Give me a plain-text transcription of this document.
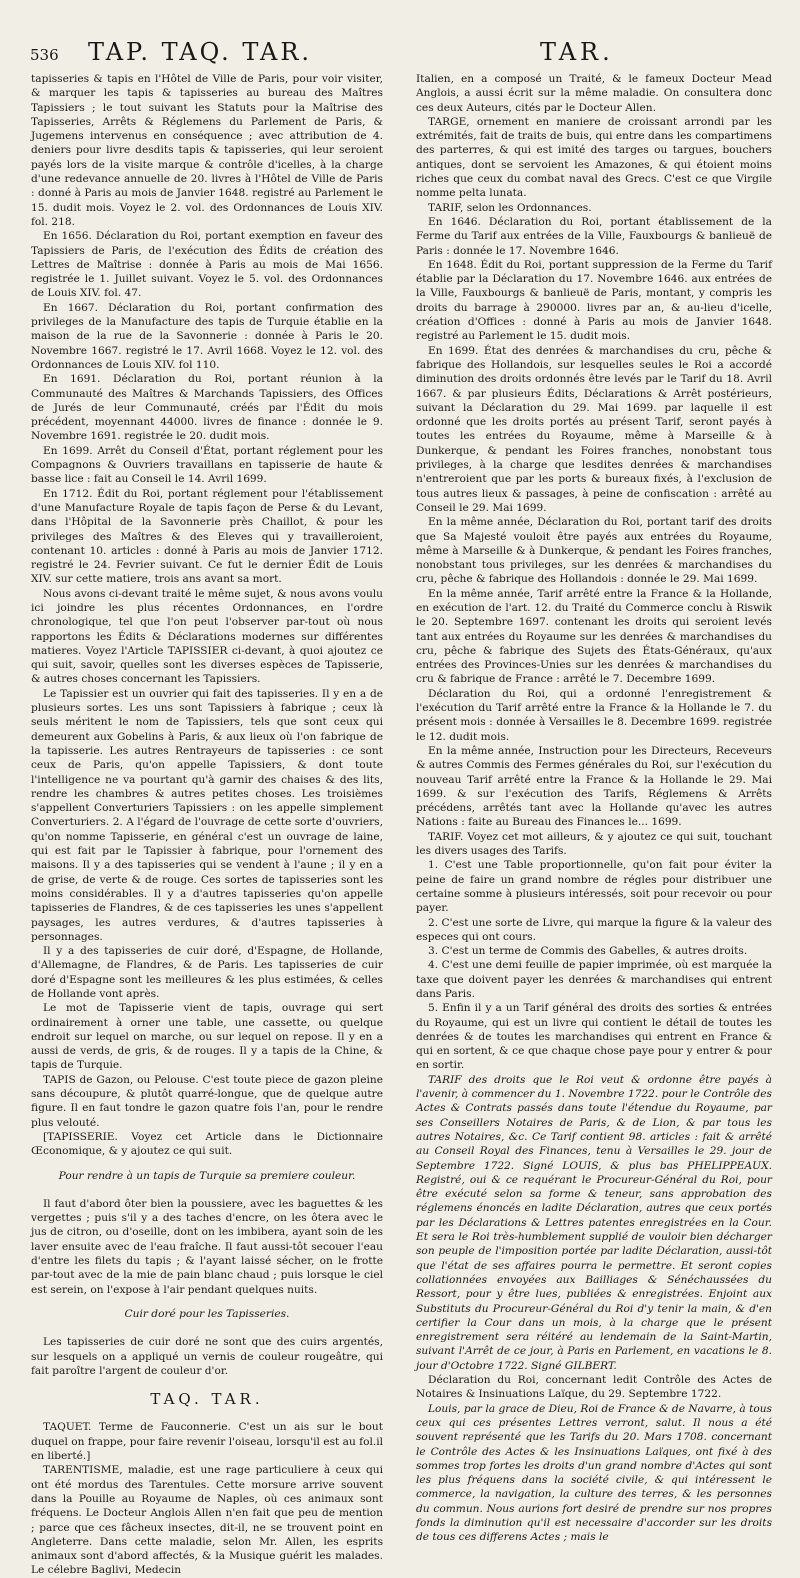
536 TAP. TAQ. TAR.	TAR.

tapisseries & tapis en l'Hôtel de Ville de Paris, pour voir visiter, & marquer les tapis & tapisseries au bureau des Maîtres Tapissiers ; le tout suivant les Statuts pour la Maîtrise des Tapisseries, Arrêts & Réglemens du Parlement de Paris, & Jugemens intervenus en conséquence ; avec attribution de 4. deniers pour livre desdits tapis & tapisseries, qui leur seroient payés lors de la visite marque & contrôle d'icelles, à la charge d'une redevance annuelle de 20. livres à l'Hôtel de Ville de Paris : donné à Paris au mois de Janvier 1648. registré au Parlement le 15. dudit mois. Voyez le 2. vol. des Ordonnances de Louis XIV. fol. 218.

En 1656. Déclaration du Roi, portant exemption en faveur des Tapissiers de Paris, de l'exécution des Édits de création des Lettres de Maîtrise : donnée à Paris au mois de Mai 1656. registrée le 1. Juillet suivant. Voyez le 5. vol. des Ordonnances de Louis XIV. fol. 47.

En 1667. Déclaration du Roi, portant confirmation des privileges de la Manufacture des tapis de Turquie établie en la maison de la rue de la Savonnerie : donnée à Paris le 20. Novembre 1667. registré le 17. Avril 1668. Voyez le 12. vol. des Ordonnances de Louis XIV. fol 110.

En 1691. Déclaration du Roi, portant réunion à la Communauté des Maîtres & Marchands Tapissiers, des Offices de Jurés de leur Communauté, créés par l'Édit du mois précédent, moyennant 44000. livres de finance : donnée le 9. Novembre 1691. registrée le 20. dudit mois.

En 1699. Arrêt du Conseil d'État, portant réglement pour les Compagnons & Ouvriers travaillans en tapisserie de haute & basse lice : fait au Conseil le 14. Avril 1699.

En 1712. Édit du Roi, portant réglement pour l'établissement d'une Manufacture Royale de tapis façon de Perse & du Levant, dans l'Hôpital de la Savonnerie près Chaillot, & pour les privileges des Maîtres & des Eleves qui y travailleroient, contenant 10. articles : donné à Paris au mois de Janvier 1712. registré le 24. Fevrier suivant. Ce fut le dernier Édit de Louis XIV. sur cette matiere, trois ans avant sa mort.

Nous avons ci-devant traité le même sujet, & nous avons voulu ici joindre les plus récentes Ordonnances, en l'ordre chronologique, tel que l'on peut l'observer par-tout où nous rapportons les Édits & Déclarations modernes sur différentes matieres. Voyez l'Article TAPISSIER ci-devant, à quoi ajoutez ce qui suit, savoir, quelles sont les diverses espèces de Tapisserie, & autres choses concernant les Tapissiers.

Le Tapissier est un ouvrier qui fait des tapisseries. Il y en a de plusieurs sortes. Les uns sont Tapissiers à fabrique ; ceux là seuls méritent le nom de Tapissiers, tels que sont ceux qui demeurent aux Gobelins à Paris, & aux lieux où l'on fabrique de la tapisserie. Les autres Rentrayeurs de tapisseries : ce sont ceux de Paris, qu'on appelle Tapissiers, & dont toute l'intelligence ne va pourtant qu'à garnir des chaises & des lits, rendre les chambres & autres petites choses. Les troisièmes s'appellent Converturiers Tapissiers : on les appelle simplement Converturiers. 2. A l'égard de l'ouvrage de cette sorte d'ouvriers, qu'on nomme Tapisserie, en général c'est un ouvrage de laine, qui est fait par le Tapissier à fabrique, pour l'ornement des maisons. Il y a des tapisseries qui se vendent à l'aune ; il y en a de grise, de verte & de rouge. Ces sortes de tapisseries sont les moins considérables. Il y a d'autres tapisseries qu'on appelle tapisseries de Flandres, & de ces tapisseries les unes s'appellent paysages, les autres verdures, & d'autres tapisseries à personnages.

Il y a des tapisseries de cuir doré, d'Espagne, de Hollande, d'Allemagne, de Flandres, & de Paris. Les tapisseries de cuir doré d'Espagne sont les meilleures & les plus estimées, & celles de Hollande vont après.

Le mot de Tapisserie vient de tapis, ouvrage qui sert ordinairement à orner une table, une cassette, ou quelque endroit sur lequel on marche, ou sur lequel on repose. Il y en a aussi de verds, de gris, & de rouges. Il y a tapis de la Chine, & tapis de Turquie.

TAPIS de Gazon, ou Pelouse. C'est toute piece de gazon pleine sans découpure, & plutôt quarré-longue, que de quelque autre figure. Il en faut tondre le gazon quatre fois l'an, pour le rendre plus velouté.

[TAPISSERIE. Voyez cet Article dans le Dictionnaire Œconomique, & y ajoutez ce qui suit.

Pour rendre à un tapis de Turquie sa premiere couleur.

Il faut d'abord ôter bien la poussiere, avec les baguettes & les vergettes ; puis s'il y a des taches d'encre, on les ôtera avec le jus de citron, ou d'oseille, dont on les imbibera, ayant soin de les laver ensuite avec de l'eau fraîche. Il faut aussi-tôt secouer l'eau d'entre les filets du tapis ; & l'ayant laissé sécher, on le frotte par-tout avec de la mie de pain blanc chaud ; puis lorsque le ciel est serein, on l'expose à l'air pendant quelques nuits.

Cuir doré pour les Tapisseries.

Les tapisseries de cuir doré ne sont que des cuirs argentés, sur lesquels on a appliqué un vernis de couleur rougeâtre, qui fait paroître l'argent de couleur d'or.

TAQ. TAR.

TAQUET. Terme de Fauconnerie. C'est un ais sur le bout duquel on frappe, pour faire revenir l'oiseau, lorsqu'il est au fol.il en liberté.]

TARENTISME, maladie, est une rage particuliere à ceux qui ont été mordus des Tarentules. Cette morsure arrive souvent dans la Pouille au Royaume de Naples, où ces animaux sont fréquens. Le Docteur Anglois Allen n'en fait que peu de mention ; parce que ces fâcheux insectes, dit-il, ne se trouvent point en Angleterre. Dans cette maladie, selon Mr. Allen, les esprits animaux sont d'abord affectés, & la Musique guérit les malades. Le célebre Baglivi, Medecin

Italien, en a composé un Traité, & le fameux Docteur Mead Anglois, a aussi écrit sur la même maladie. On consultera donc ces deux Auteurs, cités par le Docteur Allen.

TARGE, ornement en maniere de croissant arrondi par les extrémités, fait de traits de buis, qui entre dans les compartimens des parterres, & qui est imité des targes ou targues, bouchers antiques, dont se servoient les Amazones, & qui étoient moins riches que ceux du combat naval des Grecs. C'est ce que Virgile nomme pelta lunata.

TARIF, selon les Ordonnances.

En 1646. Déclaration du Roi, portant établissement de la Ferme du Tarif aux entrées de la Ville, Fauxbourgs & banlieuë de Paris : donnée le 17. Novembre 1646.

En 1648. Édit du Roi, portant suppression de la Ferme du Tarif établie par la Déclaration du 17. Novembre 1646. aux entrées de la Ville, Fauxbourgs & banlieuë de Paris, montant, y compris les droits du barrage à 290000. livres par an, & au-lieu d'icelle, création d'Offices : donné à Paris au mois de Janvier 1648. registré au Parlement le 15. dudit mois.

En 1699. État des denrées & marchandises du cru, pêche & fabrique des Hollandois, sur lesquelles seules le Roi a accordé diminution des droits ordonnés être levés par le Tarif du 18. Avril 1667. & par plusieurs Édits, Déclarations & Arrêt postérieurs, suivant la Déclaration du 29. Mai 1699. par laquelle il est ordonné que les droits portés au présent Tarif, seront payés à toutes les entrées du Royaume, même à Marseille & à Dunkerque, & pendant les Foires franches, nonobstant tous privileges, à la charge que lesdites denrées & marchandises n'entreroient que par les ports & bureaux fixés, à l'exclusion de tous autres lieux & passages, à peine de confiscation : arrêté au Conseil le 29. Mai 1699.

En la même année, Déclaration du Roi, portant tarif des droits que Sa Majesté vouloit être payés aux entrées du Royaume, même à Marseille & à Dunkerque, & pendant les Foires franches, nonobstant tous privileges, sur les denrées & marchandises du cru, pêche & fabrique des Hollandois : donnée le 29. Mai 1699.

En la même année, Tarif arrêté entre la France & la Hollande, en exécution de l'art. 12. du Traité du Commerce conclu à Riswik le 20. Septembre 1697. contenant les droits qui seroient levés tant aux entrées du Royaume sur les denrées & marchandises du cru, pêche & fabrique des Sujets des États-Généraux, qu'aux entrées des Provinces-Unies sur les denrées & marchandises du cru & fabrique de France : arrêté le 7. Decembre 1699.

Déclaration du Roi, qui a ordonné l'enregistrement & l'exécution du Tarif arrêté entre la France & la Hollande le 7. du présent mois : donnée à Versailles le 8. Decembre 1699. registrée le 12. dudit mois.

En la même année, Instruction pour les Directeurs, Receveurs & autres Commis des Fermes générales du Roi, sur l'exécution du nouveau Tarif arrêté entre la France & la Hollande le 29. Mai 1699. & sur l'exécution des Tarifs, Réglemens & Arrêts précédens, arrêtés tant avec la Hollande qu'avec les autres Nations : faite au Bureau des Finances le... 1699.

TARIF. Voyez cet mot ailleurs, & y ajoutez ce qui suit, touchant les divers usages des Tarifs.

1. C'est une Table proportionnelle, qu'on fait pour éviter la peine de faire un grand nombre de régles pour distribuer une certaine somme à plusieurs intéressés, soit pour recevoir ou pour payer.

2. C'est une sorte de Livre, qui marque la figure & la valeur des especes qui ont cours.

3. C'est un terme de Commis des Gabelles, & autres droits.

4. C'est une demi feuille de papier imprimée, où est marquée la taxe que doivent payer les denrées & marchandises qui entrent dans Paris.

5. Enfin il y a un Tarif général des droits des sorties & entrées du Royaume, qui est un livre qui contient le détail de toutes les denrées & de toutes les marchandises qui entrent en France & qui en sortent, & ce que chaque chose paye pour y entrer & pour en sortir.

TARIF des droits que le Roi veut & ordonne être payés à l'avenir, à commencer du 1. Novembre 1722. pour le Contrôle des Actes & Contrats passés dans toute l'étendue du Royaume, par ses Conseillers Notaires de Paris, & de Lion, & par tous les autres Notaires, &c. Ce Tarif contient 98. articles : fait & arrêté au Conseil Royal des Finances, tenu à Versailles le 29. jour de Septembre 1722. Signé LOUIS, & plus bas PHELIPPEAUX. Registré, oui & ce requérant le Procureur-Général du Roi, pour être exécuté selon sa forme & teneur, sans approbation des réglemens énoncés en ladite Déclaration, autres que ceux portés par les Déclarations & Lettres patentes enregistrées en la Cour. Et sera le Roi très-humblement supplié de vouloir bien décharger son peuple de l'imposition portée par ladite Déclaration, aussi-tôt que l'état de ses affaires pourra le permettre. Et seront copies collationnées envoyées aux Bailliages & Sénéchaussées du Ressort, pour y être lues, publiées & enregistrées. Enjoint aux Substituts du Procureur-Général du Roi d'y tenir la main, & d'en certifier la Cour dans un mois, à la charge que le présent enregistrement sera réitéré au lendemain de la Saint-Martin, suivant l'Arrêt de ce jour, à Paris en Parlement, en vacations le 8. jour d'Octobre 1722. Signé GILBERT.

Déclaration du Roi, concernant ledit Contrôle des Actes de Notaires & Insinuations Laïque, du 29. Septembre 1722.

Louis, par la grace de Dieu, Roi de France & de Navarre, à tous ceux qui ces présentes Lettres verront, salut. Il nous a été souvent représenté que les Tarifs du 20. Mars 1708. concernant le Contrôle des Actes & les Insinuations Laïques, ont fixé à des sommes trop fortes les droits d'un grand nombre d'Actes qui sont les plus fréquens dans la société civile, & qui intéressent le commerce, la navigation, la culture des terres, & les personnes du commun. Nous aurions fort desiré de prendre sur nos propres fonds la diminution qu'il est necessaire d'accorder sur les droits de tous ces differens Actes ; mais le
